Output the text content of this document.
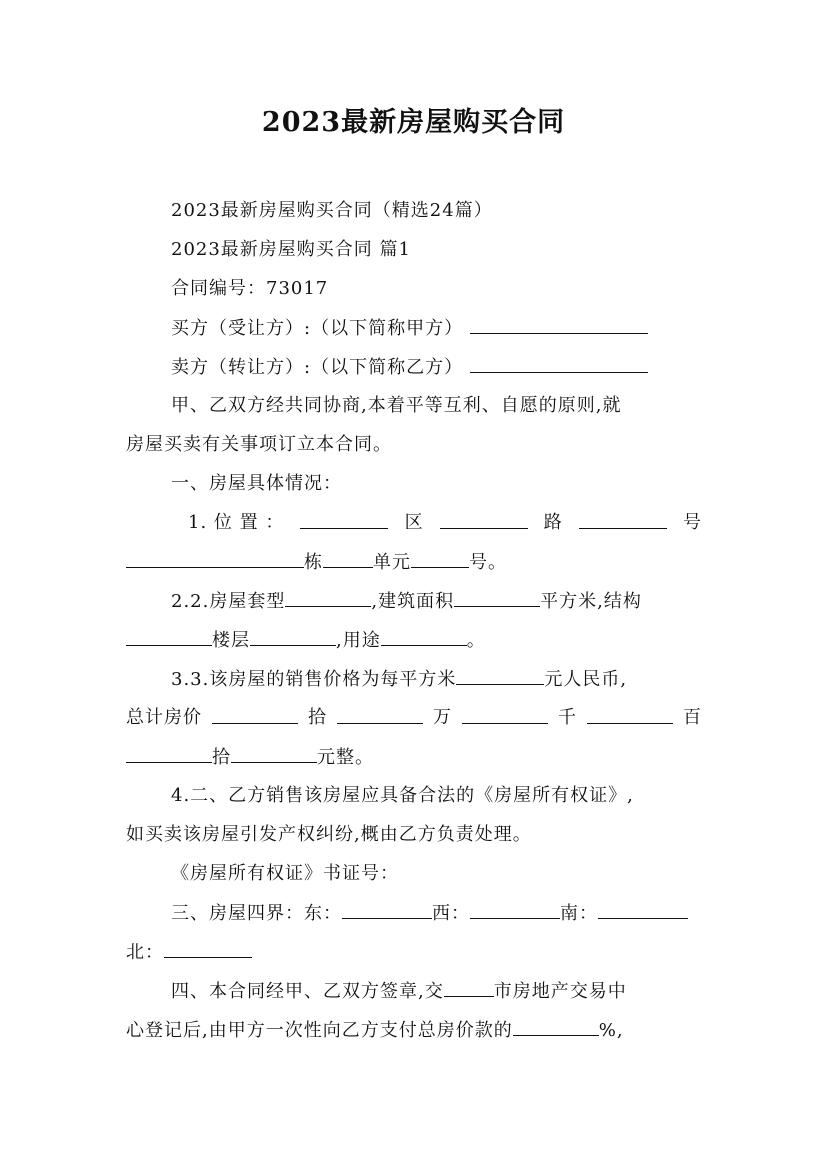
2023最新房屋购买合同
2023最新房屋购买合同（精选24篇）
2023最新房屋购买合同 篇1
合同编号：73017
买方（受让方）:（以下简称甲方）
卖方（转让方）:（以下简称乙方）
甲、乙双方经共同协商,本着平等互利、自愿的原则,就
房屋买卖有关事项订立本合同。
一、房屋具体情况：
1. 位 置 ：	区	路	号
栋	单元	号。
2.2.房屋套型	,建筑面积	平方米,结构
楼层	,用途	。
3.3.该房屋的销售价格为每平方米	元人民币,
总计房价	拾	万	千	百
拾	元整。
4.二、乙方销售该房屋应具备合法的《房屋所有权证》,
如买卖该房屋引发产权纠纷,概由乙方负责处理。
《房屋所有权证》书证号：
三、房屋四界：东：	西：	南：
北：
四、本合同经甲、乙双方签章,交	市房地产交易中
心登记后,由甲方一次性向乙方支付总房价款的	%,
